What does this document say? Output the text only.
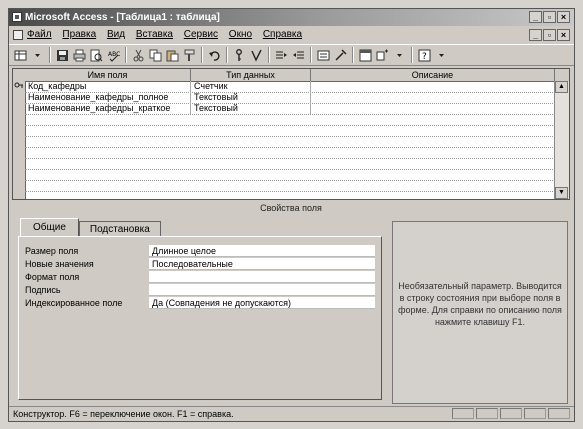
Microsoft Access - [Таблица1 : таблица]	_	▫	×
Файл Правка Вид Вставка Сервис Окно Справка	_	▫	×
ABC	?
Имя поля	Тип данных	Описание
Код_кафедры	Счетчик
Наименование_кафедры_полное	Текстовый
Наименование_кафедры_краткое	Текстовый
▲
▼
Свойства поля
Общие	Подстановка
Размер поля	Длинное целое
Новые значения	Последовательные
Формат поля
Подпись
Индексированное поле	Да (Совпадения не допускаются)
Необязательный параметр. Выводится в строку состояния при выборе поля в форме. Для справки по описанию поля нажмите клавишу F1.
Конструктор. F6 = переключение окон. F1 = справка.
